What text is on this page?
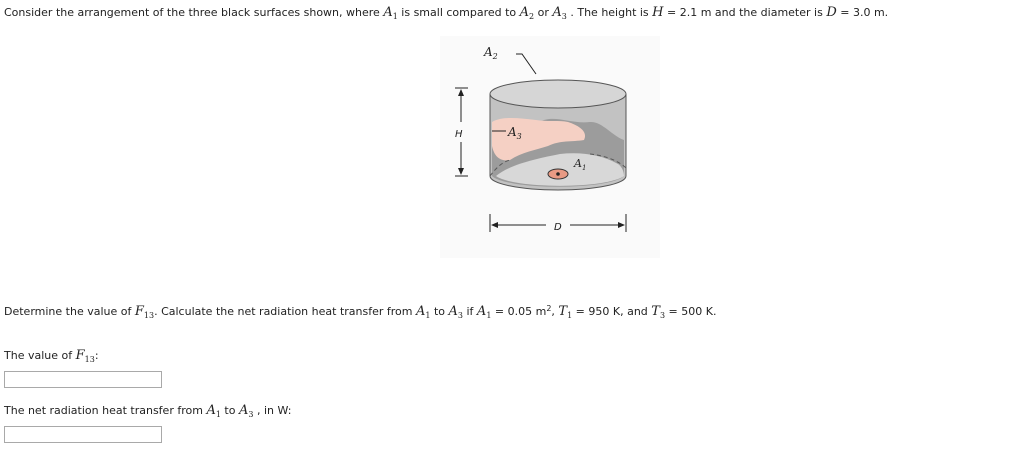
Consider the arrangement of the three black surfaces shown, where $A_1$ is small compared to $A_2$ or $A_3$ . The height is H = 2.1 m and the diameter is D = 3.0 m.
$A_2$
$A_3$
$A_1$
H
D
Determine the value of $F_{13}$. Calculate the net radiation heat transfer from $A_1$ to $A_3$ if $A_1 = 0.05$ $m^2$, $T_1 = 950$ K, and $T_3 = 500$ K.
The value of $F_{13}$:
The net radiation heat transfer from $A_1$ to $A_3$ , in W:
